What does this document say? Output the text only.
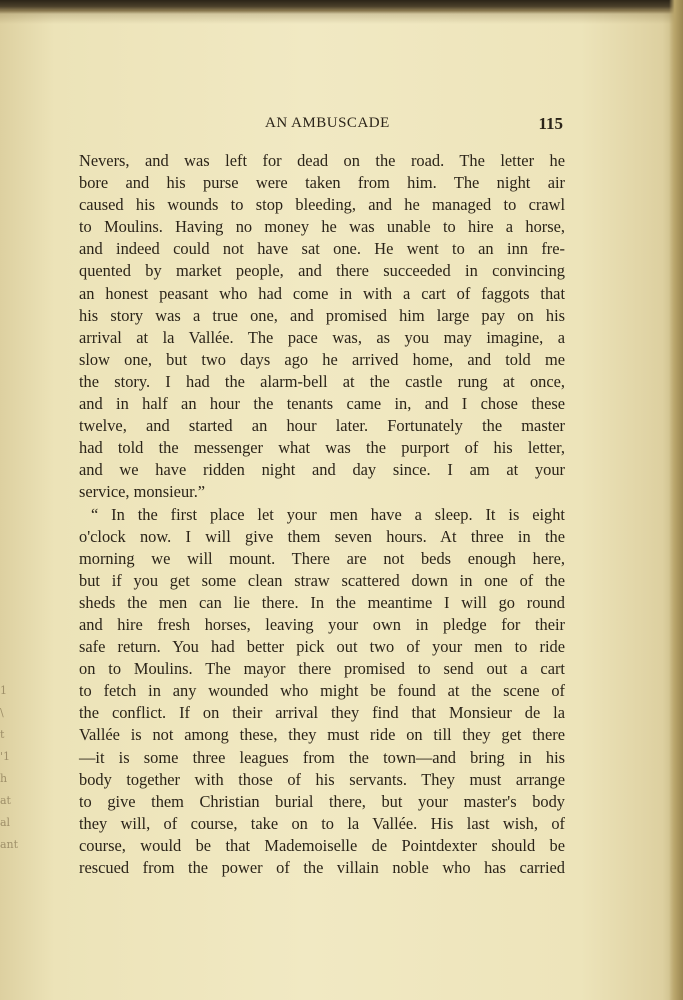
1
\
t
'1
h
at
al
ant
AN AMBUSCADE	115
Nevers, and was left for dead on the road. The letter he
bore and his purse were taken from him. The night air
caused his wounds to stop bleeding, and he managed to crawl
to Moulins. Having no money he was unable to hire a horse,
and indeed could not have sat one. He went to an inn fre-
quented by market people, and there succeeded in convincing
an honest peasant who had come in with a cart of faggots that
his story was a true one, and promised him large pay on his
arrival at la Vallée. The pace was, as you may imagine, a
slow one, but two days ago he arrived home, and told me
the story. I had the alarm-bell at the castle rung at once,
and in half an hour the tenants came in, and I chose these
twelve, and started an hour later. Fortunately the master
had told the messenger what was the purport of his letter,
and we have ridden night and day since. I am at your
service, monsieur.”
“ In the first place let your men have a sleep. It is eight
o'clock now. I will give them seven hours. At three in the
morning we will mount. There are not beds enough here,
but if you get some clean straw scattered down in one of the
sheds the men can lie there. In the meantime I will go round
and hire fresh horses, leaving your own in pledge for their
safe return. You had better pick out two of your men to ride
on to Moulins. The mayor there promised to send out a cart
to fetch in any wounded who might be found at the scene of
the conflict. If on their arrival they find that Monsieur de la
Vallée is not among these, they must ride on till they get there
—it is some three leagues from the town—and bring in his
body together with those of his servants. They must arrange
to give them Christian burial there, but your master's body
they will, of course, take on to la Vallée. His last wish, of
course, would be that Mademoiselle de Pointdexter should be
rescued from the power of the villain noble who has carried
